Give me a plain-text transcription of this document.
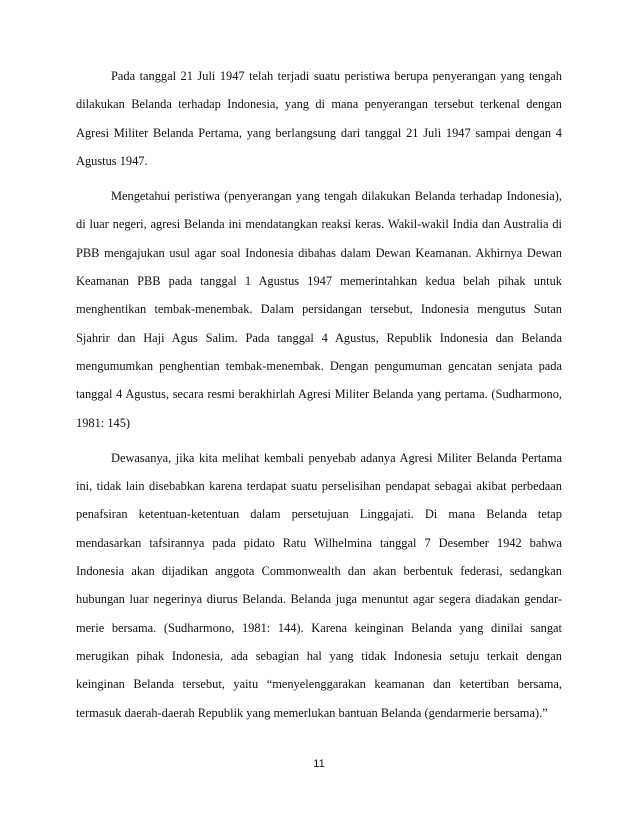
Pada tanggal 21 Juli 1947 telah terjadi suatu peristiwa berupa penyerangan yang tengah dilakukan Belanda terhadap Indonesia, yang di mana penyerangan tersebut terkenal dengan Agresi Militer Belanda Pertama, yang berlangsung dari tanggal 21 Juli 1947 sampai dengan 4 Agustus 1947.

Mengetahui peristiwa (penyerangan yang tengah dilakukan Belanda terhadap Indonesia), di luar negeri, agresi Belanda ini mendatangkan reaksi keras. Wakil-wakil India dan Australia di PBB mengajukan usul agar soal Indonesia dibahas dalam Dewan Keamanan. Akhirnya Dewan Keamanan PBB pada tanggal 1 Agustus 1947 memerintahkan kedua belah pihak untuk menghentikan tembak-menembak. Dalam persidangan tersebut, Indonesia mengutus Sutan Sjahrir dan Haji Agus Salim. Pada tanggal 4 Agustus, Republik Indonesia dan Belanda mengumumkan penghentian tembak-menembak. Dengan pengumuman gencatan senjata pada tanggal 4 Agustus, secara resmi berakhirlah Agresi Militer Belanda yang pertama. (Sudharmono, 1981: 145)

Dewasanya, jika kita melihat kembali penyebab adanya Agresi Militer Belanda Pertama ini, tidak lain disebabkan karena terdapat suatu perselisihan pendapat sebagai akibat perbedaan penafsiran ketentuan-ketentuan dalam persetujuan Linggajati. Di mana Belanda tetap mendasarkan tafsirannya pada pidato Ratu Wilhelmina tanggal 7 Desember 1942 bahwa Indonesia akan dijadikan anggota Commonwealth dan akan berbentuk federasi, sedangkan hubungan luar negerinya diurus Belanda. Belanda juga menuntut agar segera diadakan gendar-merie bersama. (Sudharmono, 1981: 144). Karena keinginan Belanda yang dinilai sangat merugikan pihak Indonesia, ada sebagian hal yang tidak Indonesia setuju terkait dengan keinginan Belanda tersebut, yaitu “menyelenggarakan keamanan dan ketertiban bersama, termasuk daerah-daerah Republik yang memerlukan bantuan Belanda (gendarmerie bersama).”

11
